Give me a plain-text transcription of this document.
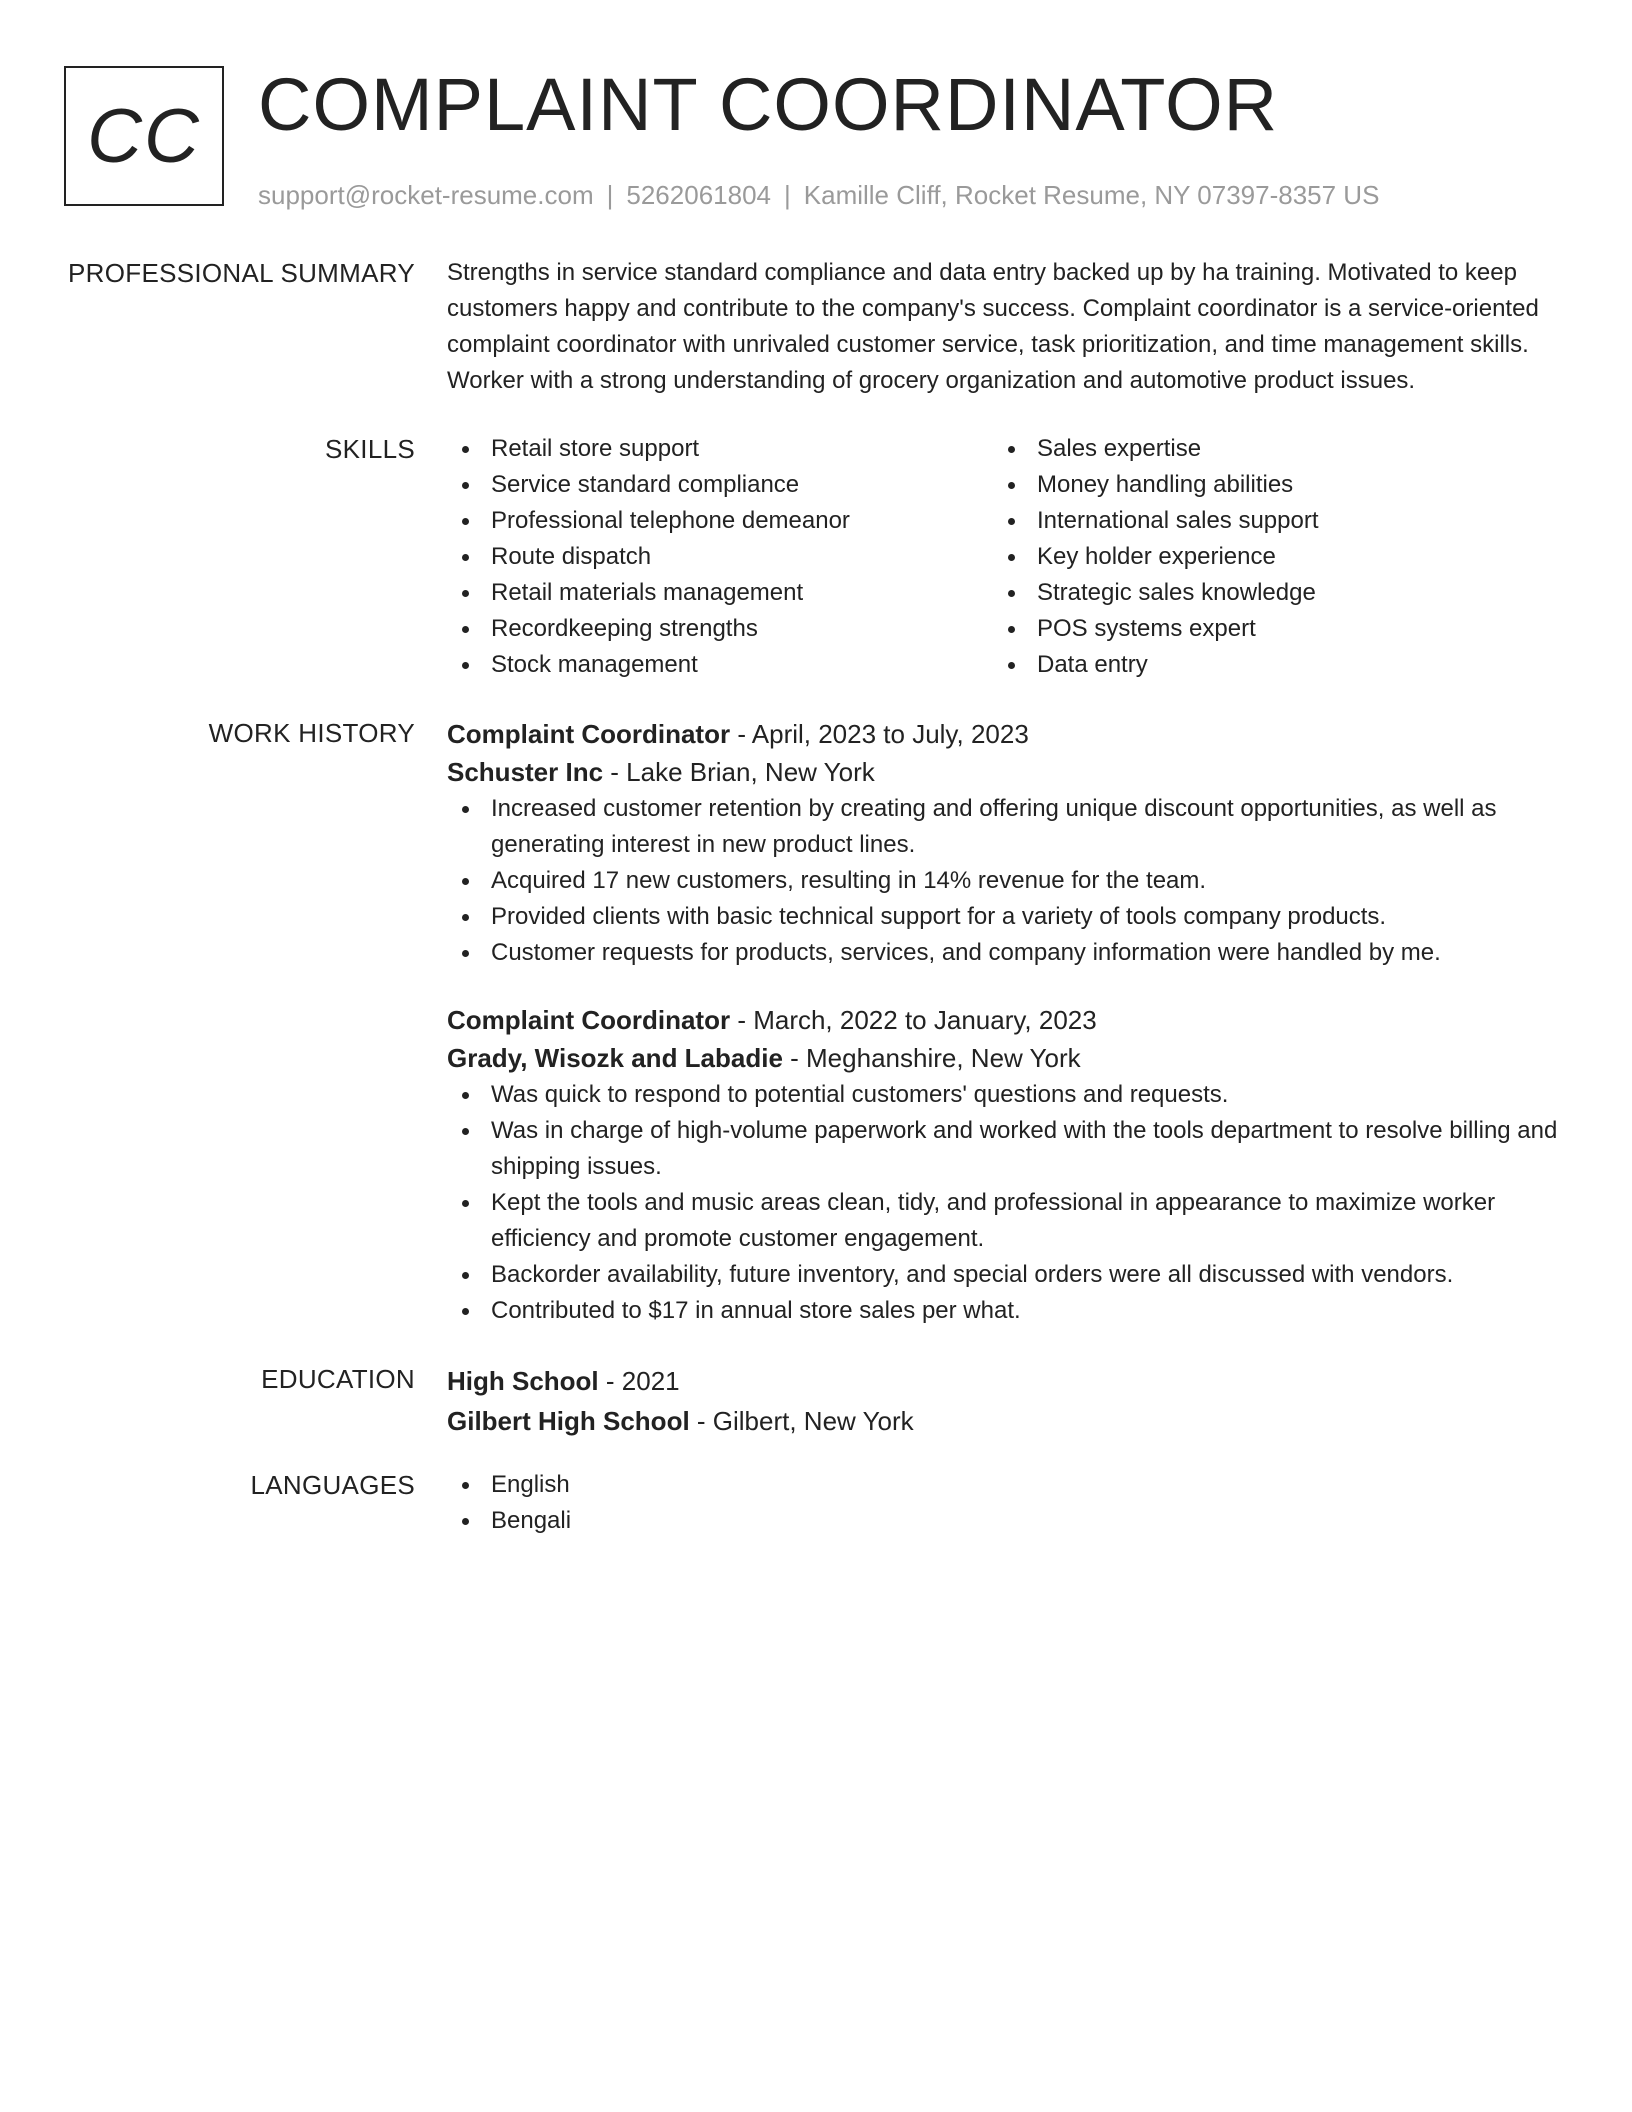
CC COMPLAINT COORDINATOR
support@rocket-resume.com | 5262061804 | Kamille Cliff, Rocket Resume, NY 07397-8357 US
PROFESSIONAL SUMMARY Strengths in service standard compliance and data entry backed up by ha training. Motivated to keep customers happy and contribute to the company's success. Complaint coordinator is a service-oriented complaint coordinator with unrivaled customer service, task prioritization, and time management skills. Worker with a strong understanding of grocery organization and automotive product issues.

SKILLS	Retail store support
Service standard compliance
Professional telephone demeanor
Route dispatch
Retail materials management
Recordkeeping strengths
Stock management
Sales expertise
Money handling abilities
International sales support
Key holder experience
Strategic sales knowledge
POS systems expert
Data entry
WORK HISTORY Complaint Coordinator - April, 2023 to July, 2023
Schuster Inc - Lake Brian, New York
Increased customer retention by creating and offering unique discount opportunities, as well as generating interest in new product lines.
Acquired 17 new customers, resulting in 14% revenue for the team.
Provided clients with basic technical support for a variety of tools company products.
Customer requests for products, services, and company information were handled by me.
Complaint Coordinator - March, 2022 to January, 2023
Grady, Wisozk and Labadie - Meghanshire, New York
Was quick to respond to potential customers' questions and requests.
Was in charge of high-volume paperwork and worked with the tools department to resolve billing and shipping issues.
Kept the tools and music areas clean, tidy, and professional in appearance to maximize worker efficiency and promote customer engagement.
Backorder availability, future inventory, and special orders were all discussed with vendors.
Contributed to $17 in annual store sales per what.
EDUCATION High School - 2021
Gilbert High School - Gilbert, New York
LANGUAGES	English
Bengali
